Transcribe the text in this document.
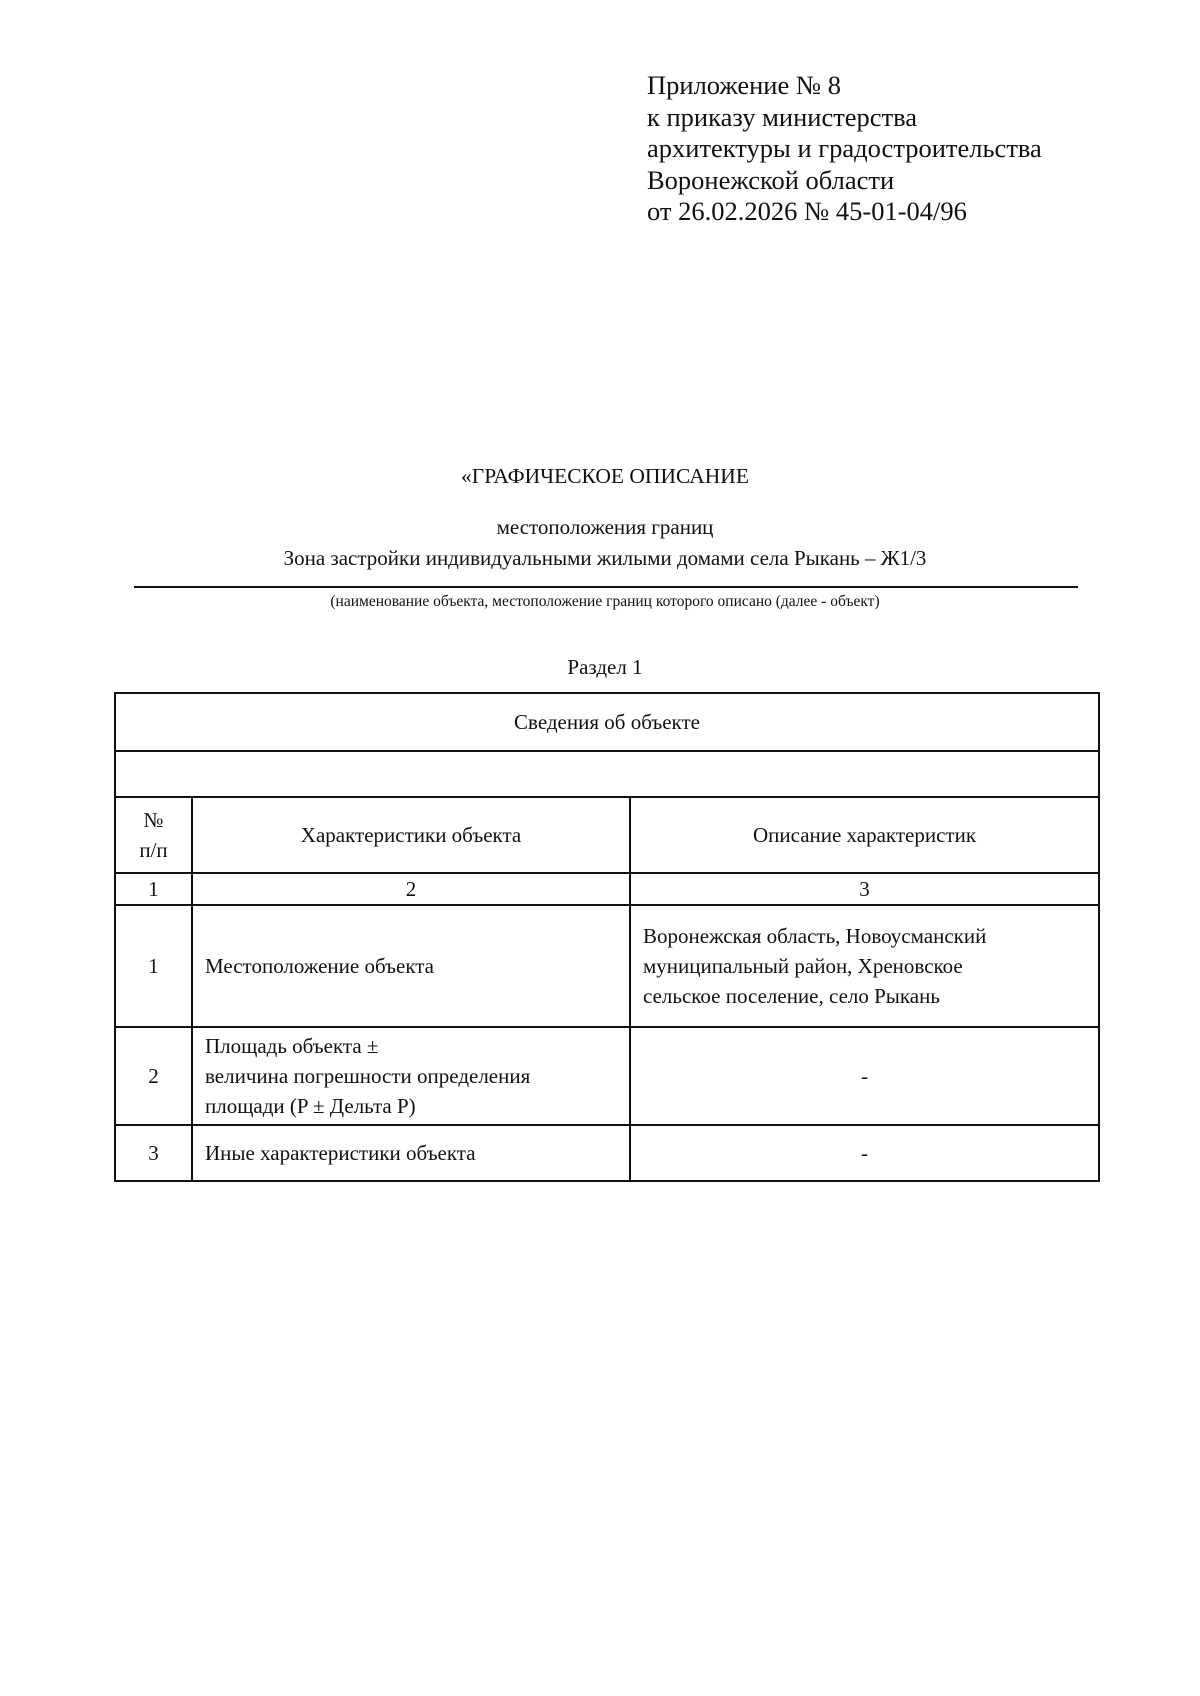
Приложение № 8
к приказу министерства
архитектуры и градостроительства
Воронежской области
от 26.02.2026 № 45-01-04/96
«ГРАФИЧЕСКОЕ ОПИСАНИЕ
местоположения границ
Зона застройки индивидуальными жилыми домами села Рыкань – Ж1/3
(наименование объекта, местоположение границ которого описано (далее - объект)
Раздел 1
Сведения об объекте		

№
п/п	Характеристики объекта	Описание характеристик
1	2	3
1	Местоположение объекта	Воронежская область, Новоусманский
муниципальный район, Хреновское
сельское поселение, село Рыкань
2	Площадь объекта ±
величина погрешности определения
площади (P ± Дельта P)	-
3	Иные характеристики объекта	-
